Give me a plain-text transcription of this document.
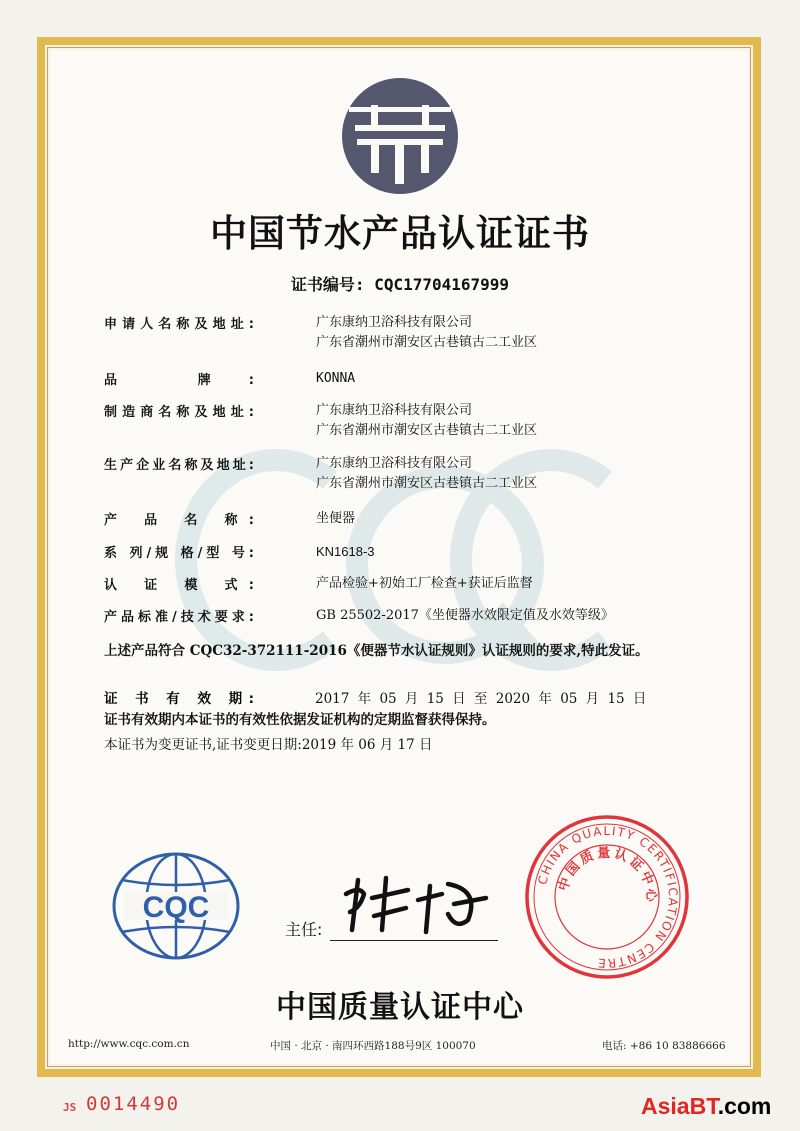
中国节水产品认证证书
证书编号: CQC17704167999
申请人名称及地址:	广东康纳卫浴科技有限公司
广东省潮州市潮安区古巷镇古二工业区
品 牌:	KONNA
制造商名称及地址:	广东康纳卫浴科技有限公司
广东省潮州市潮安区古巷镇古二工业区
生产企业名称及地址:	广东康纳卫浴科技有限公司
广东省潮州市潮安区古巷镇古二工业区
产 品 名 称:	坐便器
系 列/规 格/型 号:	KN1618-3
认 证 模 式:	产品检验+初始工厂检查+获证后监督
产品标准/技术要求:	GB 25502-2017《坐便器水效限定值及水效等级》
上述产品符合 CQC32-372111-2016《便器节水认证规则》认证规则的要求,特此发证。
证 书 有 效 期:	2017 年 05 月 15 日 至 2020 年 05 月 15 日
证书有效期内本证书的有效性依据发证机构的定期监督获得保持。
本证书为变更证书,证书变更日期:2019 年 06 月 17 日
CQC
主任:
CHINA QUALITY CERTIFICATION CENTRE
中国质量认证中心
中国质量认证中心
http://www.cqc.com.cn	中国 · 北京 · 南四环西路188号9区 100070	电话: +86 10 83886666
JS 0014490	AsiaBT.com
